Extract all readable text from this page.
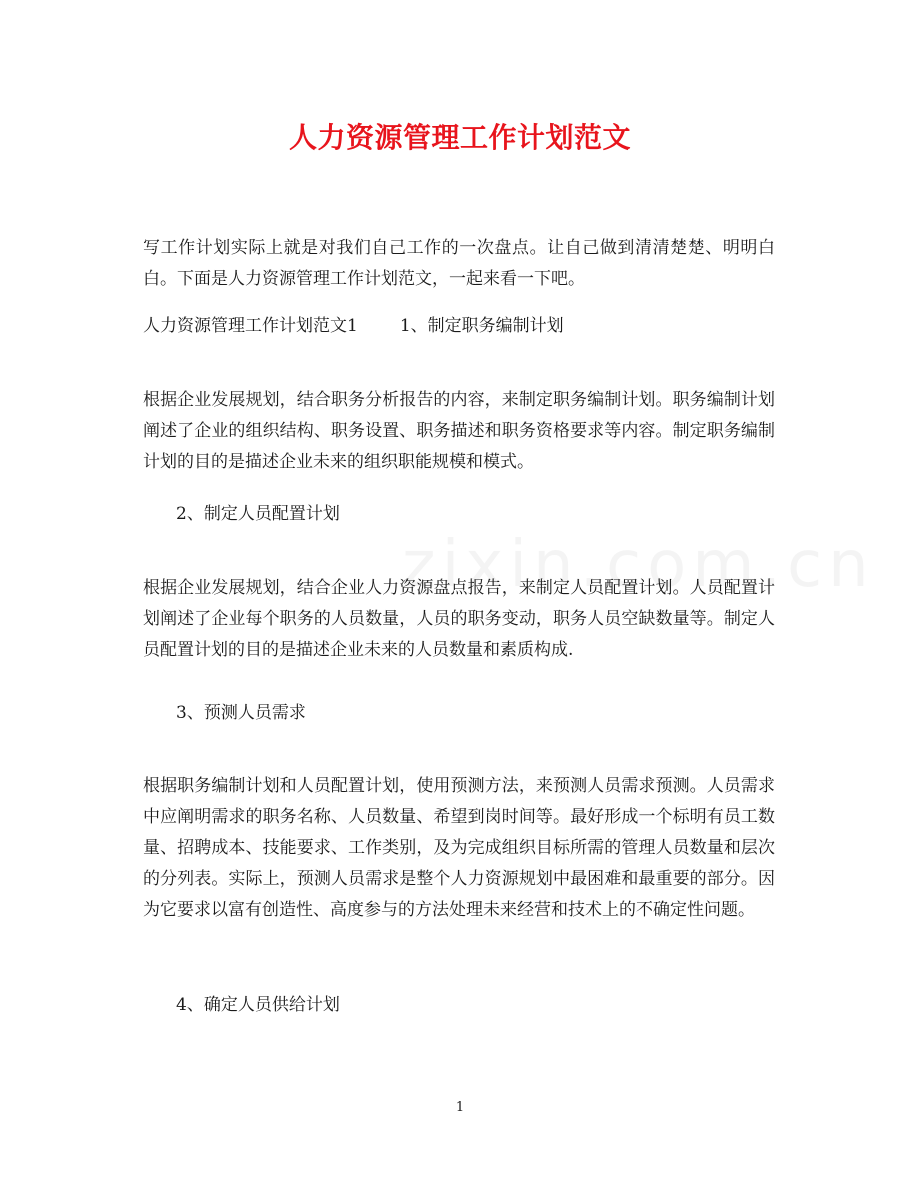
人力资源管理工作计划范文
写工作计划实际上就是对我们自己工作的一次盘点。让自己做到清清楚楚、明明白白。下面是人力资源管理工作计划范文，一起来看一下吧。
人力资源管理工作计划范文1 1、制定职务编制计划
根据企业发展规划，结合职务分析报告的内容，来制定职务编制计划。职务编制计划阐述了企业的组织结构、职务设置、职务描述和职务资格要求等内容。制定职务编制计划的目的是描述企业未来的组织职能规模和模式。
2、制定人员配置计划
根据企业发展规划，结合企业人力资源盘点报告，来制定人员配置计划。人员配置计划阐述了企业每个职务的人员数量，人员的职务变动，职务人员空缺数量等。制定人员配置计划的目的是描述企业未来的人员数量和素质构成.
3、预测人员需求
根据职务编制计划和人员配置计划，使用预测方法，来预测人员需求预测。人员需求中应阐明需求的职务名称、人员数量、希望到岗时间等。最好形成一个标明有员工数量、招聘成本、技能要求、工作类别，及为完成组织目标所需的管理人员数量和层次的分列表。实际上，预测人员需求是整个人力资源规划中最困难和最重要的部分。因为它要求以富有创造性、高度参与的方法处理未来经营和技术上的不确定性问题。
4、确定人员供给计划
1
